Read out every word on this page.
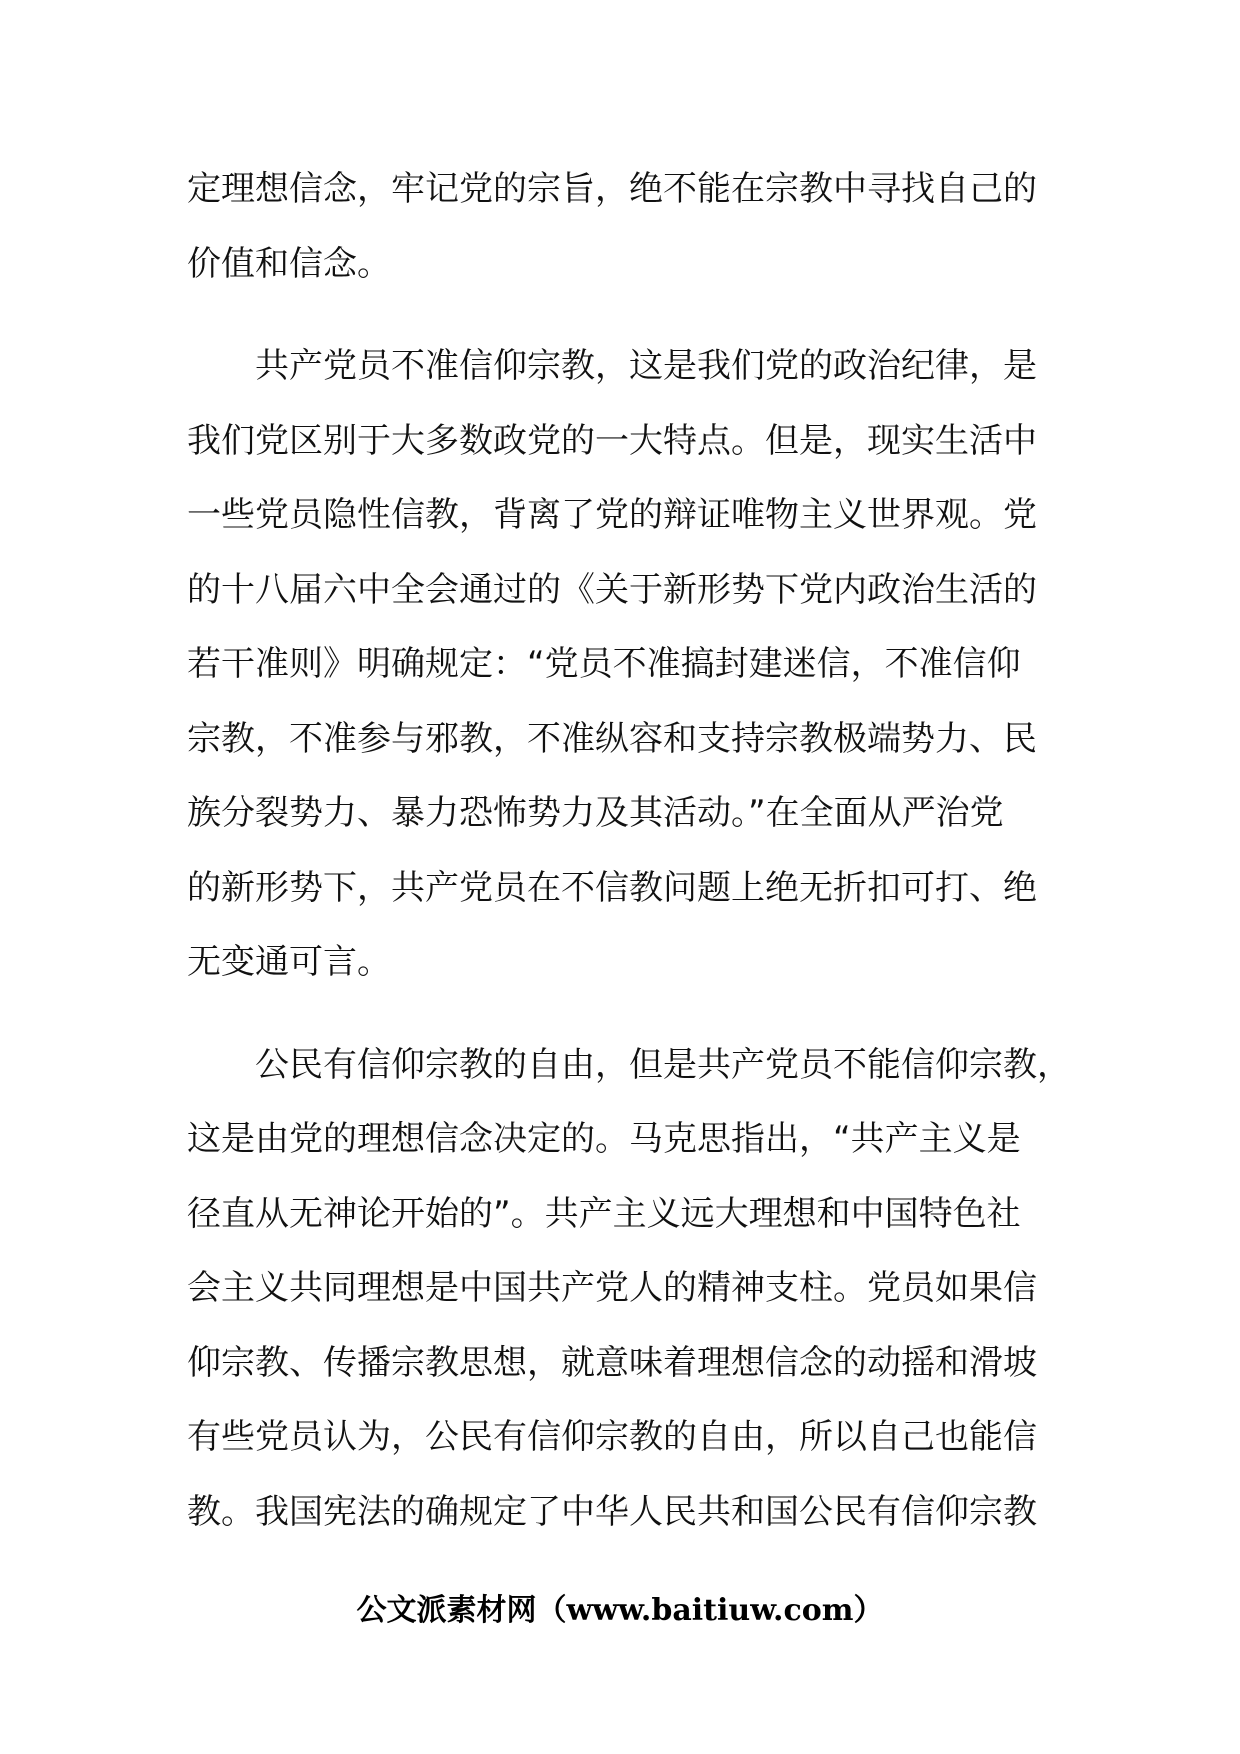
定理想信念，牢记党的宗旨，绝不能在宗教中寻找自己的
价值和信念。
　　共产党员不准信仰宗教，这是我们党的政治纪律，是
我们党区别于大多数政党的一大特点。但是，现实生活中
一些党员隐性信教，背离了党的辩证唯物主义世界观。党
的十八届六中全会通过的《关于新形势下党内政治生活的
若干准则》明确规定：“党员不准搞封建迷信，不准信仰
宗教，不准参与邪教，不准纵容和支持宗教极端势力、民
族分裂势力、暴力恐怖势力及其活动。”在全面从严治党
的新形势下，共产党员在不信教问题上绝无折扣可打、绝
无变通可言。
　　公民有信仰宗教的自由，但是共产党员不能信仰宗教，
这是由党的理想信念决定的。马克思指出，“共产主义是
径直从无神论开始的”。共产主义远大理想和中国特色社
会主义共同理想是中国共产党人的精神支柱。党员如果信
仰宗教、传播宗教思想，就意味着理想信念的动摇和滑坡
有些党员认为，公民有信仰宗教的自由，所以自己也能信
教。我国宪法的确规定了中华人民共和国公民有信仰宗教
公文派素材网（www.baitiuw.com）
